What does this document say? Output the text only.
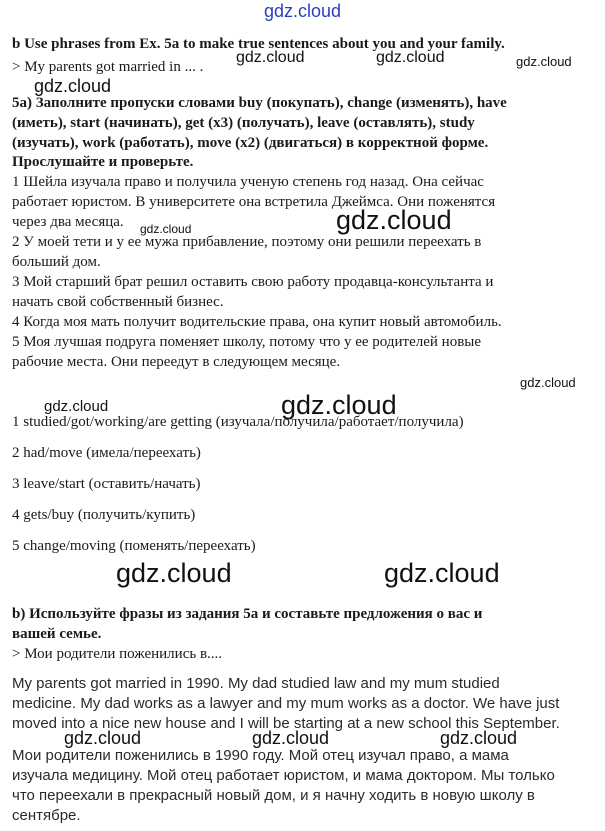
gdz.cloud
gdz.cloud	gdz.cloud	gdz.cloud
gdz.cloud
gdz.cloud
gdz.cloud
gdz.cloud
gdz.cloud	gdz.cloud
gdz.cloud	gdz.cloud
gdz.cloud	gdz.cloud	gdz.cloud
b Use phrases from Ex. 5a to make true sentences about you and your family.
> My parents got married in ... .
5a) Заполните пропуски словами buy (покупать), change (изменять), have
(иметь), start (начинать), get (x3) (получать), leave (оставлять), study
(изучать), work (работать), move (x2) (двигаться) в корректной форме.
Прослушайте и проверьте.
1 Шейла изучала право и получила ученую степень год назад. Она сейчас
работает юристом. В университете она встретила Джеймса. Они поженятся
через два месяца.
2 У моей тети и у ее мужа прибавление, поэтому они решили переехать в
больший дом.
3 Мой старший брат решил оставить свою работу продавца-консультанта и
начать свой собственный бизнес.
4 Когда моя мать получит водительские права, она купит новый автомобиль.
5 Моя лучшая подруга поменяет школу, потому что у ее родителей новые
рабочие места. Они переедут в следующем месяце.
1 studied/got/working/are getting (изучала/получила/работает/получила)
2 had/move (имела/переехать)
3 leave/start (оставить/начать)
4 gets/buy (получить/купить)
5 change/moving (поменять/переехать)
b) Используйте фразы из задания 5а и составьте предложения о вас и
вашей семье.
> Мои родители поженились в....
My parents got married in 1990. My dad studied law and my mum studied
medicine. My dad works as a lawyer and my mum works as a doctor. We have just
moved into a nice new house and I will be starting at a new school this September.
Мои родители поженились в 1990 году. Мой отец изучал право, а мама
изучала медицину. Мой отец работает юристом, и мама доктором. Мы только
что переехали в прекрасный новый дом, и я начну ходить в новую школу в
сентябре.
